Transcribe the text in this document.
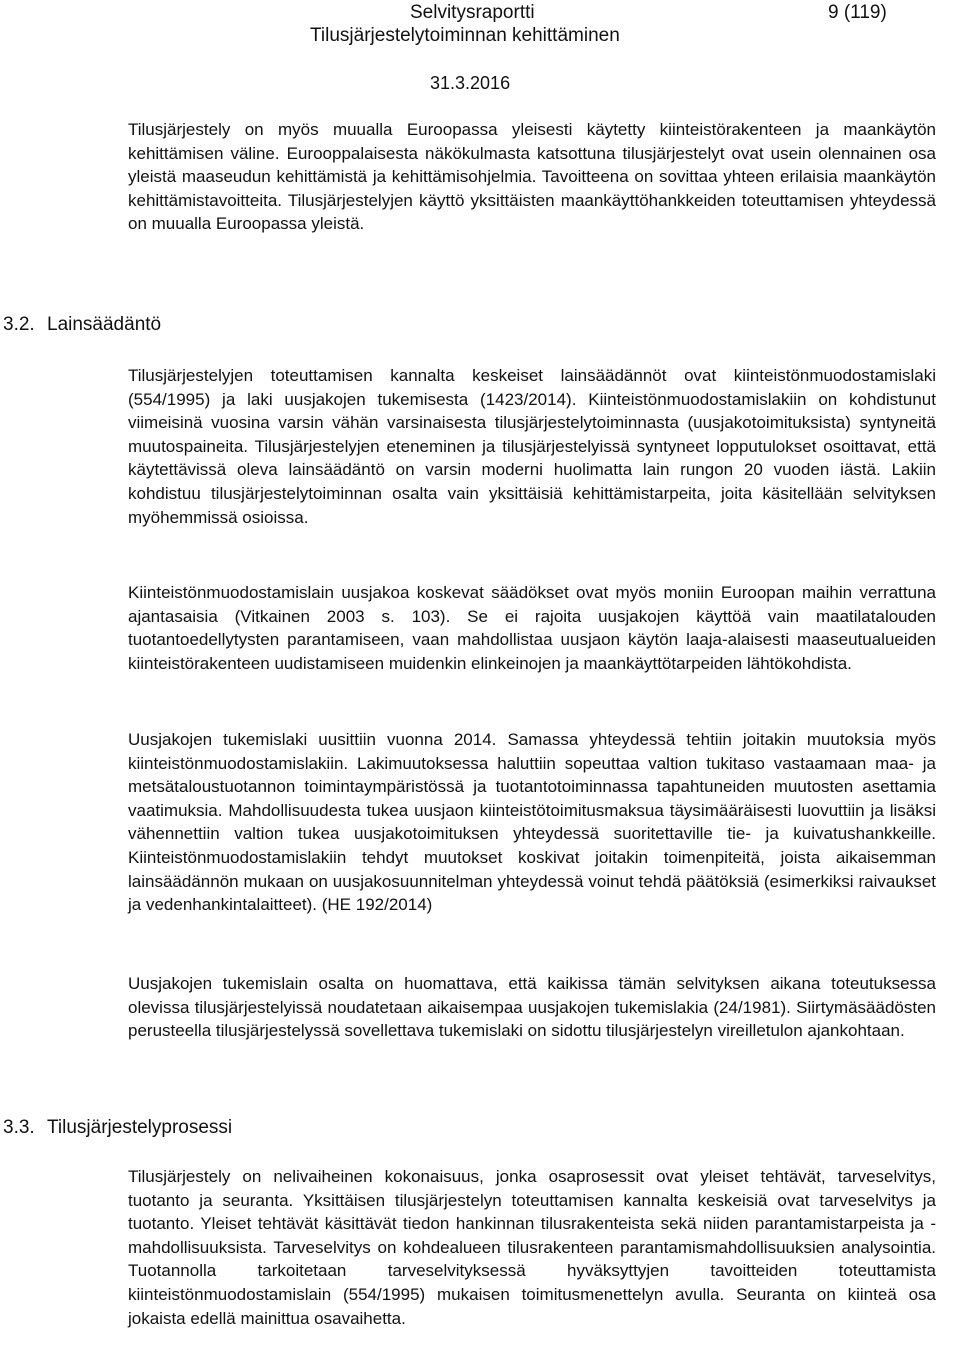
Selvitysraportti	9 (119)
Tilusjärjestelytoiminnan kehittäminen
31.3.2016

Tilusjärjestely on myös muualla Euroopassa yleisesti käytetty kiinteistörakenteen ja maankäytön kehittämisen väline. Eurooppalaisesta näkökulmasta katsottuna tilusjärjestelyt ovat usein olennainen osa yleistä maaseudun kehittämistä ja kehittämisohjelmia. Tavoitteena on sovittaa yhteen erilaisia maankäytön kehittämistavoitteita. Tilusjärjestelyjen käyttö yksittäisten maankäyttöhankkeiden toteuttamisen yhteydessä on muualla Euroopassa yleistä.

3.2. Lainsäädäntö

Tilusjärjestelyjen toteuttamisen kannalta keskeiset lainsäädännöt ovat kiinteistönmuodostamislaki (554/1995) ja laki uusjakojen tukemisesta (1423/2014). Kiinteistönmuodostamislakiin on kohdistunut viimeisinä vuosina varsin vähän varsinaisesta tilusjärjestelytoiminnasta (uusjakotoimituksista) syntyneitä muutospaineita. Tilusjärjestelyjen eteneminen ja tilusjärjestelyissä syntyneet lopputulokset osoittavat, että käytettävissä oleva lainsäädäntö on varsin moderni huolimatta lain rungon 20 vuoden iästä. Lakiin kohdistuu tilusjärjestelytoiminnan osalta vain yksittäisiä kehittämistarpeita, joita käsitellään selvityksen myöhemmissä osioissa.

Kiinteistönmuodostamislain uusjakoa koskevat säädökset ovat myös moniin Euroopan maihin verrattuna ajantasaisia (Vitkainen 2003 s. 103). Se ei rajoita uusjakojen käyttöä vain maatilatalouden tuotantoedellytysten parantamiseen, vaan mahdollistaa uusjaon käytön laaja-alaisesti maaseutualueiden kiinteistörakenteen uudistamiseen muidenkin elinkeinojen ja maankäyttötarpeiden lähtökohdista.

Uusjakojen tukemislaki uusittiin vuonna 2014. Samassa yhteydessä tehtiin joitakin muutoksia myös kiinteistönmuodostamislakiin. Lakimuutoksessa haluttiin sopeuttaa valtion tukitaso vastaamaan maa- ja metsätaloustuotannon toimintaympäristössä ja tuotantotoiminnassa tapahtuneiden muutosten asettamia vaatimuksia. Mahdollisuudesta tukea uusjaon kiinteistötoimitusmaksua täysimääräisesti luovuttiin ja lisäksi vähennettiin valtion tukea uusjakotoimituksen yhteydessä suoritettaville tie- ja kuivatushankkeille. Kiinteistönmuodostamislakiin tehdyt muutokset koskivat joitakin toimenpiteitä, joista aikaisemman lainsäädännön mukaan on uusjakosuunnitelman yhteydessä voinut tehdä päätöksiä (esimerkiksi raivaukset ja vedenhankintalaitteet). (HE 192/2014)

Uusjakojen tukemislain osalta on huomattava, että kaikissa tämän selvityksen aikana toteutuksessa olevissa tilusjärjestelyissä noudatetaan aikaisempaa uusjakojen tukemislakia (24/1981). Siirtymäsäädösten perusteella tilusjärjestelyssä sovellettava tukemislaki on sidottu tilusjärjestelyn vireilletulon ajankohtaan.

3.3. Tilusjärjestelyprosessi

Tilusjärjestely on nelivaiheinen kokonaisuus, jonka osaprosessit ovat yleiset tehtävät, tarveselvitys, tuotanto ja seuranta. Yksittäisen tilusjärjestelyn toteuttamisen kannalta keskeisiä ovat tarveselvitys ja tuotanto. Yleiset tehtävät käsittävät tiedon hankinnan tilusrakenteista sekä niiden parantamistarpeista ja -mahdollisuuksista. Tarveselvitys on kohdealueen tilusrakenteen parantamismahdollisuuksien analysointia. Tuotannolla tarkoitetaan tarveselvityksessä hyväksyttyjen tavoitteiden toteuttamista kiinteistönmuodostamislain (554/1995) mukaisen toimitusmenettelyn avulla. Seuranta on kiinteä osa jokaista edellä mainittua osavaihetta.
